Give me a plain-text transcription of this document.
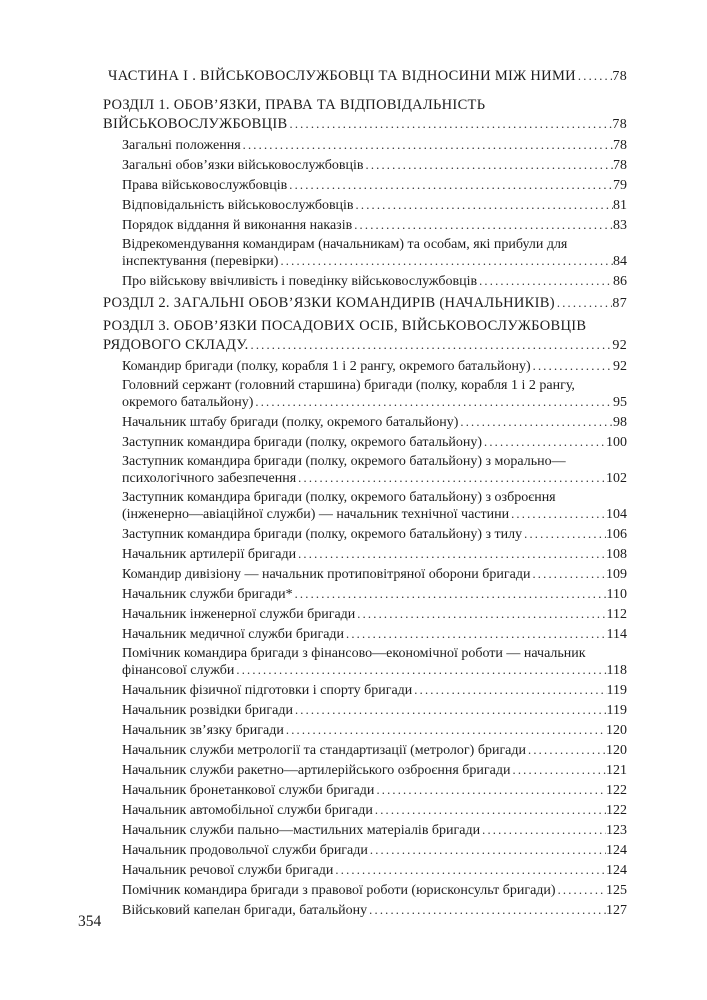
ЧАСТИНА І . ВІЙСЬКОВОСЛУЖБОВЦІ ТА ВІДНОСИНИ МІЖ НИМИ .....	78
РОЗДІЛ 1. ОБОВ’ЯЗКИ, ПРАВА ТА ВІДПОВІДАЛЬНІСТЬ
ВІЙСЬКОВОСЛУЖБОВЦІВ .....	78
Загальні положення .....	78
Загальні обов’язки військовослужбовців .....	78
Права військовослужбовців .....	79
Відповідальність військовослужбовців .....	81
Порядок віддання й виконання наказів .....	83
Відрекомендування командирам (начальникам) та особам, які прибули для
інспектування (перевірки) .....	84
Про військову ввічливість і поведінку військовослужбовців .....	86
РОЗДІЛ 2. ЗАГАЛЬНІ ОБОВ’ЯЗКИ КОМАНДИРІВ (НАЧАЛЬНИКІВ) .....	87
РОЗДІЛ 3. ОБОВ’ЯЗКИ ПОСАДОВИХ ОСІБ, ВІЙСЬКОВОСЛУЖБОВЦІВ
РЯДОВОГО СКЛАДУ. .....	92
Командир бригади (полку, корабля 1 і 2 рангу, окремого батальйону) .....	92
Головний сержант (головний старшина) бригади (полку, корабля 1 і 2 рангу,
окремого батальйону) .....	95
Начальник штабу бригади (полку, окремого батальйону) .....	98
Заступник командира бригади (полку, окремого батальйону) .....	100
Заступник командира бригади (полку, окремого батальйону) з морально—
психологічного забезпечення .....	102
Заступник командира бригади (полку, окремого батальйону) з озброєння
(інженерно—авіаційної служби) — начальник технічної частини .....	104
Заступник командира бригади (полку, окремого батальйону) з тилу .....	106
Начальник артилерії бригади .....	108
Командир дивізіону — начальник протиповітряної оборони бригади .....	109
Начальник служби бригади* .....	110
Начальник інженерної служби бригади .....	112
Начальник медичної служби бригади .....	114
Помічник командира бригади з фінансово—економічної роботи — начальник
фінансової служби .....	118
Начальник фізичної підготовки і спорту бригади .....	119
Начальник розвідки бригади .....	119
Начальник зв’язку бригади .....	120
Начальник служби метрології та стандартизації (метролог) бригади .....	120
Начальник служби ракетно—артилерійського озброєння бригади .....	121
Начальник бронетанкової служби бригади .....	122
Начальник автомобільної служби бригади .....	122
Начальник служби пально—мастильних матеріалів бригади .....	123
Начальник продовольчої служби бригади .....	124
Начальник речової служби бригади .....	124
Помічник командира бригади з правової роботи (юрисконсульт бригади) .....	125
Військовий капелан бригади, батальйону .....	127
354
